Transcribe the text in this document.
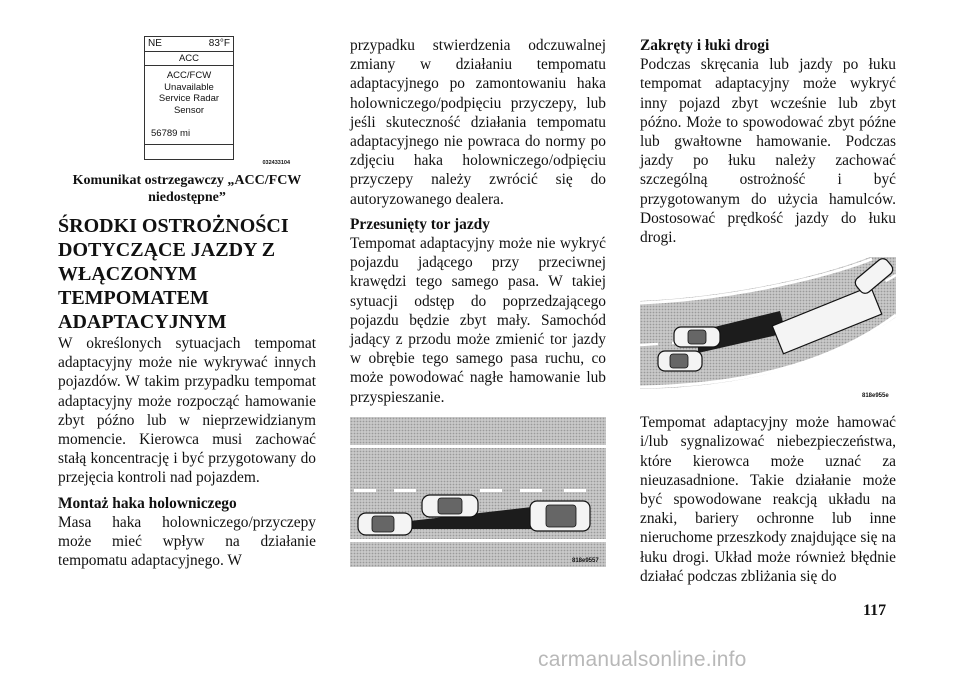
NE	83°F
ACC
ACC/FCW
Unavailable
Service Radar
Sensor
56789 mi
032433104
Komunikat ostrzegawczy „ACC/FCW
niedostępne”
ŚRODKI OSTROŻNOŚCI
DOTYCZĄCE JAZDY Z
WŁĄCZONYM
TEMPOMATEM
ADAPTACYJNYM

W określonych sytuacjach tempomat adaptacyjny może nie wykrywać innych pojazdów. W takim przypadku tempomat adaptacyjny może rozpocząć hamowanie zbyt późno lub w nieprzewidzianym momencie. Kierowca musi zachować stałą koncentrację i być przygotowany do przejęcia kontroli nad pojazdem.

Montaż haka holowniczego

Masa haka holowniczego/przyczepy może mieć wpływ na działanie tempomatu adaptacyjnego. W

przypadku stwierdzenia odczuwalnej zmiany w działaniu tempomatu adaptacyjnego po zamontowaniu haka holowniczego/podpięciu przyczepy, lub jeśli skuteczność działania tempomatu adaptacyjnego nie powraca do normy po zdjęciu haka holowniczego/odpięciu przyczepy należy zwrócić się do autoryzowanego dealera.

Przesunięty tor jazdy

Tempomat adaptacyjny może nie wykryć pojazdu jadącego przy przeciwnej krawędzi tego samego pasa. W takiej sytuacji odstęp do poprzedzającego pojazdu będzie zbyt mały. Samochód jadący z przodu może zmienić tor jazdy w obrębie tego samego pasa ruchu, co może powodować nagłe hamowanie lub przyspieszanie.

818e9557
Zakręty i łuki drogi

Podczas skręcania lub jazdy po łuku tempomat adaptacyjny może wykryć inny pojazd zbyt wcześnie lub zbyt późno. Może to spowodować zbyt późne lub gwałtowne hamowanie. Podczas jazdy po łuku należy zachować szczególną ostrożność i być przygotowanym do użycia hamulców. Dostosować prędkość jazdy do łuku drogi.

818e955e

Tempomat adaptacyjny może hamować i/lub sygnalizować niebezpieczeństwa, które kierowca może uznać za nieuzasadnione. Takie działanie może być spowodowane reakcją układu na znaki, bariery ochronne lub inne nieruchome przeszkody znajdujące się na łuku drogi. Układ może również błędnie działać podczas zbliżania się do

117
carmanualsonline.info
